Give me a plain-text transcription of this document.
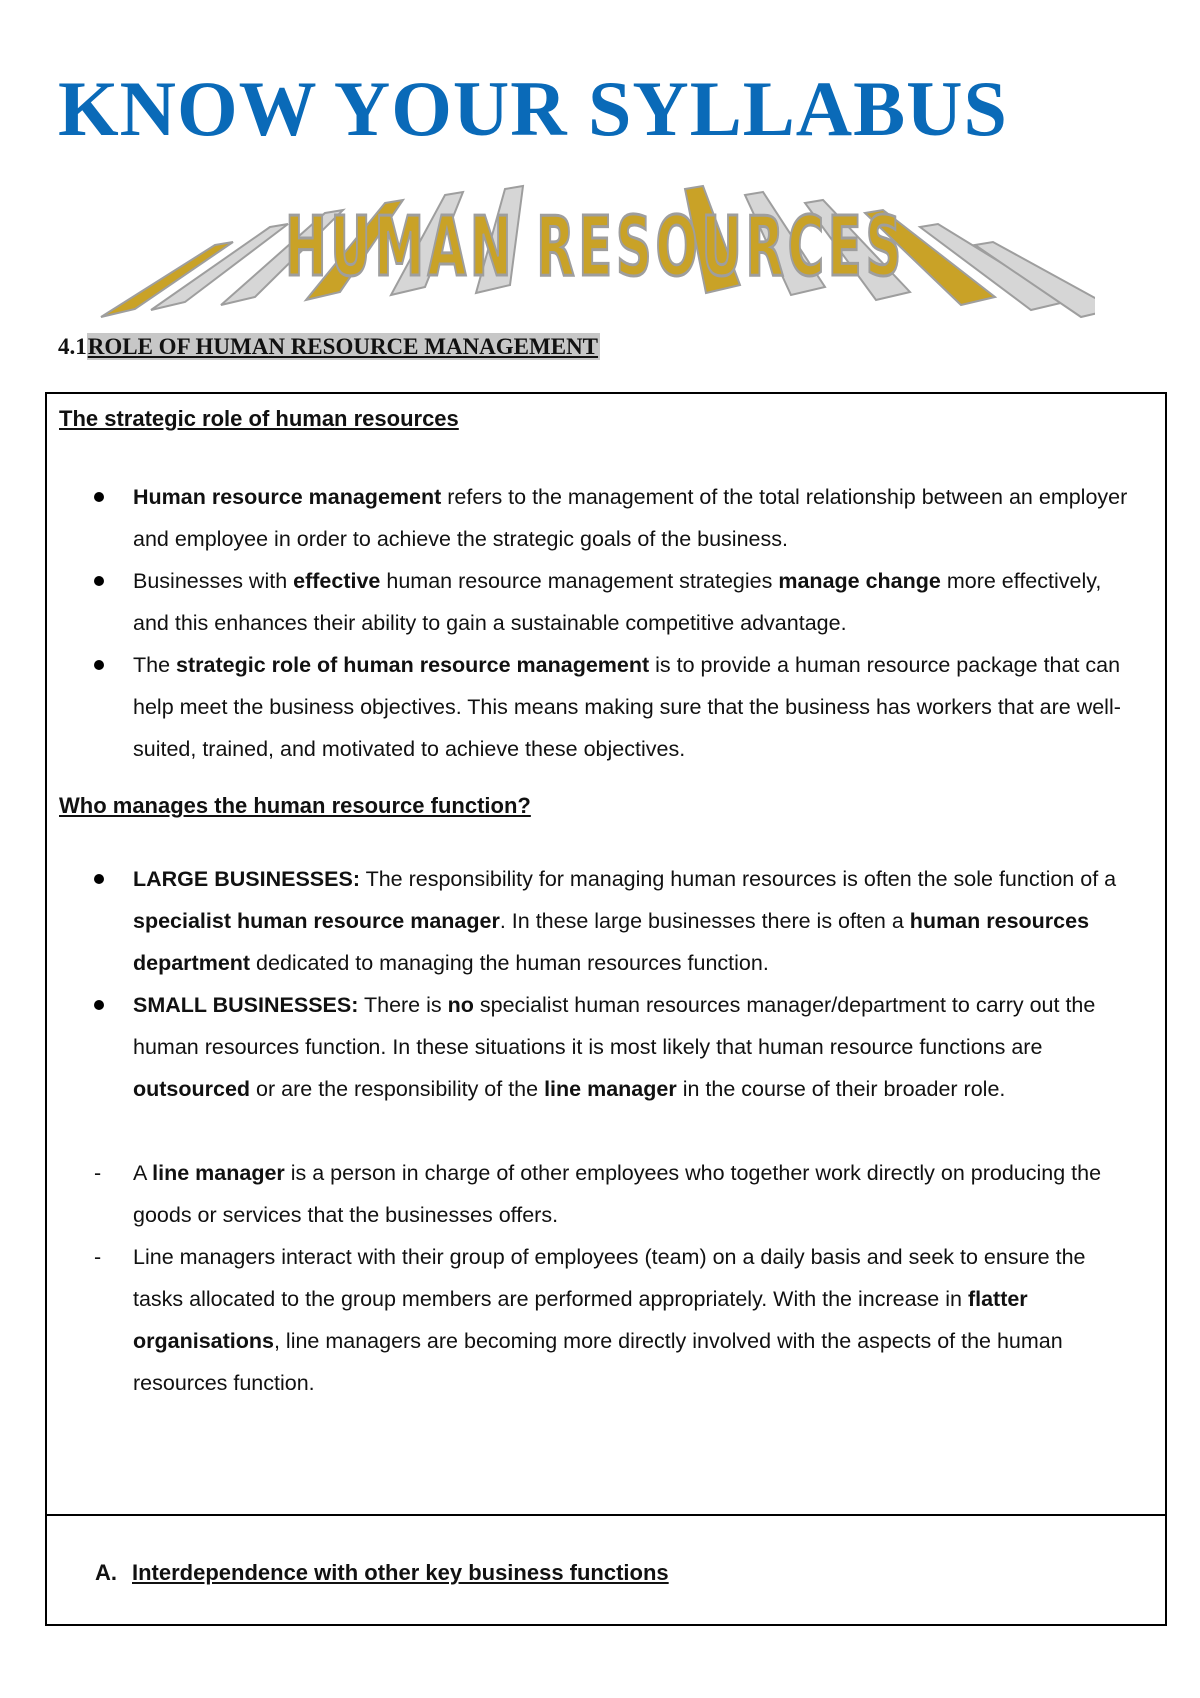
KNOW YOUR SYLLABUS
HUMAN RESOURCES

4.1ROLE OF HUMAN RESOURCE MANAGEMENT

The strategic role of human resources

Human resource management refers to the management of the total relationship between an employer and employee in order to achieve the strategic goals of the business.
Businesses with effective human resource management strategies manage change more effectively, and this enhances their ability to gain a sustainable competitive advantage.
The strategic role of human resource management is to provide a human resource package that can help meet the business objectives. This means making sure that the business has workers that are well-suited, trained, and motivated to achieve these objectives.

Who manages the human resource function?

LARGE BUSINESSES: The responsibility for managing human resources is often the sole function of a specialist human resource manager. In these large businesses there is often a human resources department dedicated to managing the human resources function.
SMALL BUSINESSES: There is no specialist human resources manager/department to carry out the human resources function. In these situations it is most likely that human resource functions are outsourced or are the responsibility of the line manager in the course of their broader role.
- A line manager is a person in charge of other employees who together work directly on producing the goods or services that the businesses offers.
- Line managers interact with their group of employees (team) on a daily basis and seek to ensure the tasks allocated to the group members are performed appropriately. With the increase in flatter organisations, line managers are becoming more directly involved with the aspects of the human resources function.

A. Interdependence with other key business functions
